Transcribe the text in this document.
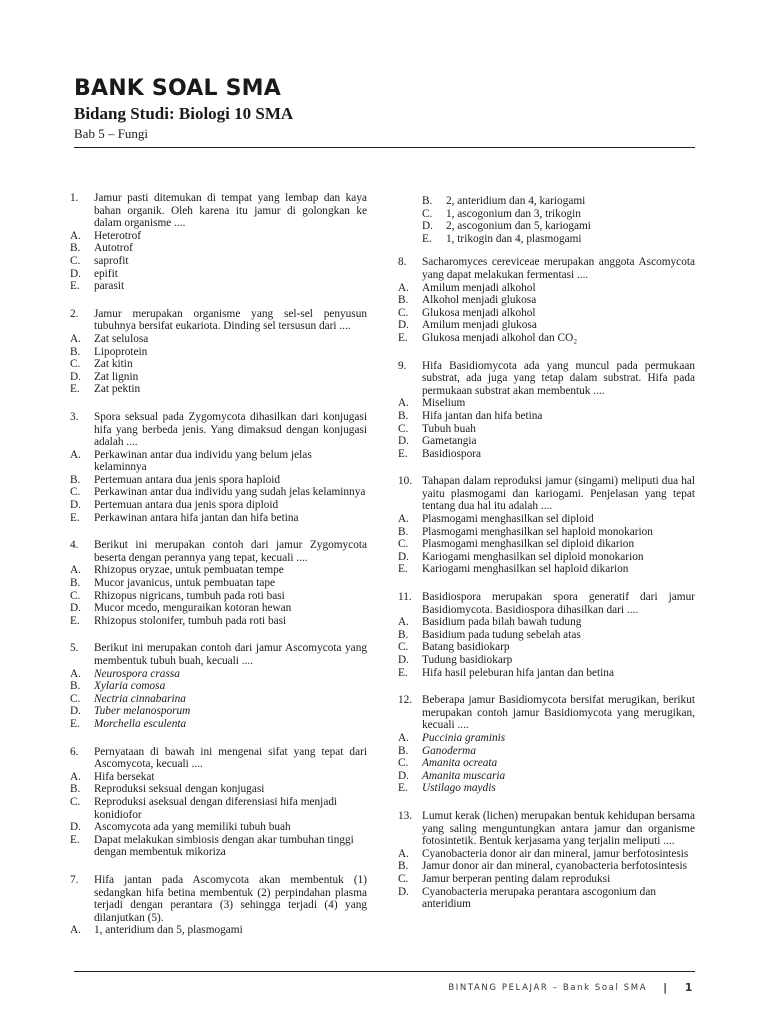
BANK SOAL SMA
Bidang Studi: Biologi 10 SMA
Bab 5 – Fungi
1.	Jamur pasti ditemukan di tempat yang lembap dan kaya bahan organik. Oleh karena itu jamur di golongkan ke dalam organisme ....
A.	Heterotrof
B.	Autotrof
C.	saprofit
D.	epifit
E.	parasit
2.	Jamur merupakan organisme yang sel-sel penyusun tubuhnya bersifat eukariota. Dinding sel tersusun dari ....
A.	Zat selulosa
B.	Lipoprotein
C.	Zat kitin
D.	Zat lignin
E.	Zat pektin
3.	Spora seksual pada Zygomycota dihasilkan dari konjugasi hifa yang berbeda jenis. Yang dimaksud dengan konjugasi adalah ....
A.	Perkawinan antar dua individu yang belum jelas kelaminnya
B.	Pertemuan antara dua jenis spora haploid
C.	Perkawinan antar dua individu yang sudah jelas kelaminnya
D.	Pertemuan antara dua jenis spora diploid
E.	Perkawinan antara hifa jantan dan hifa betina
4.	Berikut ini merupakan contoh dari jamur Zygomycota beserta dengan perannya yang tepat, kecuali ....
A.	Rhizopus oryzae, untuk pembuatan tempe
B.	Mucor javanicus, untuk pembuatan tape
C.	Rhizopus nigricans, tumbuh pada roti basi
D.	Mucor mcedo, menguraikan kotoran hewan
E.	Rhizopus stolonifer, tumbuh pada roti basi
5.	Berikut ini merupakan contoh dari jamur Ascomycota yang membentuk tubuh buah, kecuali ....
A.	Neurospora crassa
B.	Xylaria comosa
C.	Nectria cinnabarina
D.	Tuber melanosporum
E.	Morchella esculenta
6.	Pernyataan di bawah ini mengenai sifat yang tepat dari Ascomycota, kecuali ....
A.	Hifa bersekat
B.	Reproduksi seksual dengan konjugasi
C.	Reproduksi aseksual dengan diferensiasi hifa menjadi konidiofor
D.	Ascomycota ada yang memiliki tubuh buah
E.	Dapat melakukan simbiosis dengan akar tumbuhan tinggi dengan membentuk mikoriza
7.	Hifa jantan pada Ascomycota akan membentuk (1) sedangkan hifa betina membentuk (2) perpindahan plasma terjadi dengan perantara (3) sehingga terjadi (4) yang dilanjutkan (5).
A.	1, anteridium dan 5, plasmogami
B.	2, anteridium dan 4, kariogami
C.	1, ascogonium dan 3, trikogin
D.	2, ascogonium dan 5, kariogami
E.	1, trikogin dan 4, plasmogami
8.	Sacharomyces cereviceae merupakan anggota Ascomycota yang dapat melakukan fermentasi ....
A.	Amilum menjadi alkohol
B.	Alkohol menjadi glukosa
C.	Glukosa menjadi alkohol
D.	Amilum menjadi glukosa
E.	Glukosa menjadi alkohol dan CO₂
9.	Hifa Basidiomycota ada yang muncul pada permukaan substrat, ada juga yang tetap dalam substrat. Hifa pada permukaan substrat akan membentuk ....
A.	Miselium
B.	Hifa jantan dan hifa betina
C.	Tubuh buah
D.	Gametangia
E.	Basidiospora
10. Tahapan dalam reproduksi jamur (singami) meliputi dua hal yaitu plasmogami dan kariogami. Penjelasan yang tepat tentang dua hal itu adalah ....
A.	Plasmogami menghasilkan sel diploid
B.	Plasmogami menghasilkan sel haploid monokarion
C.	Plasmogami menghasilkan sel diploid dikarion
D.	Kariogami menghasilkan sel diploid monokarion
E.	Kariogami menghasilkan sel haploid dikarion
11. Basidiospora merupakan spora generatif dari jamur Basidiomycota. Basidiospora dihasilkan dari ....
A.	Basidium pada bilah bawah tudung
B.	Basidium pada tudung sebelah atas
C.	Batang basidiokarp
D.	Tudung basidiokarp
E.	Hifa hasil peleburan hifa jantan dan betina
12. Beberapa jamur Basidiomycota bersifat merugikan, berikut merupakan contoh jamur Basidiomycota yang merugikan, kecuali ....
A.	Puccinia graminis
B.	Ganoderma
C.	Amanita ocreata
D.	Amanita muscaria
E.	Ustilago maydis
13. Lumut kerak (lichen) merupakan bentuk kehidupan bersama yang saling menguntungkan antara jamur dan organisme fotosintetik. Bentuk kerjasama yang terjalin meliputi ....
A.	Cyanobacteria donor air dan mineral, jamur berfotosintesis
B.	Jamur donor air dan mineral, cyanobacteria berfotosintesis
C.	Jamur berperan penting dalam reproduksi
D.	Cyanobacteria merupaka perantara ascogonium dan anteridium
BINTANG PELAJAR – Bank Soal SMA | 1
